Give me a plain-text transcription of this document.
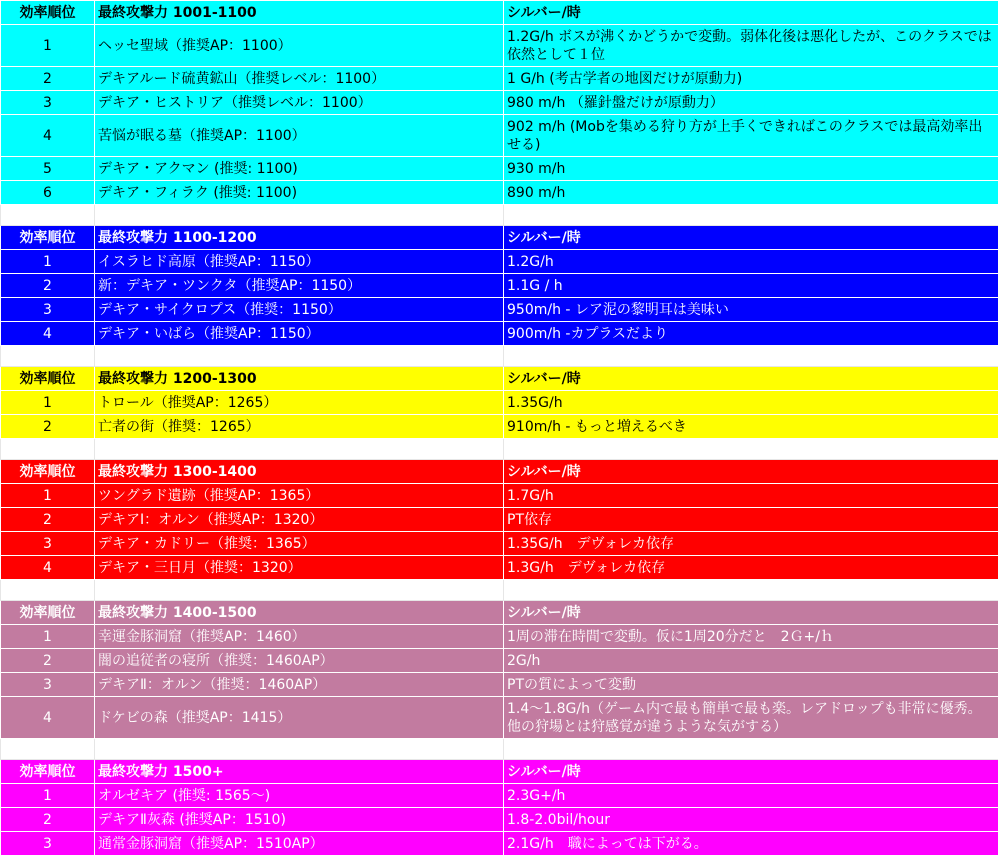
効率順位	最終攻撃力 1001-1100	シルバー/時
1	ヘッセ聖域（推奨AP：1100）	1.2G/h ボスが沸くかどうかで変動。弱体化後は悪化したが、このクラスでは依然として１位
2	デキアルード硫黄鉱山（推奨レベル：1100）	1 G/h (考古学者の地図だけが原動力)
3	デキア・ヒストリア（推奨レベル：1100）	980 m/h （羅針盤だけが原動力）
4	苦悩が眠る墓（推奨AP：1100）	902 m/h (Mobを集める狩り方が上手くできればこのクラスでは最高効率出せる)
5	デキア・アクマン (推奨: 1100)	930 m/h
6	デキア・フィラク (推奨: 1100)	890 m/h

効率順位	最終攻撃力 1100-1200	シルバー/時
1	イスラヒド高原（推奨AP：1150）	1.2G/h
2	新：デキア・ツンクタ（推奨AP：1150）	1.1G / h
3	デキア・サイクロプス（推奨：1150）	950m/h - レア泥の黎明耳は美味い
4	デキア・いばら（推奨AP：1150）	900m/h -カプラスだより

効率順位	最終攻撃力 1200-1300	シルバー/時
1	トロール（推奨AP：1265）	1.35G/h
2	亡者の街（推奨：1265）	910m/h - もっと増えるべき

効率順位	最終攻撃力 1300-1400	シルバー/時
1	ツングラド遺跡（推奨AP：1365）	1.7G/h
2	デキアⅠ：オルン（推奨AP：1320）	PT依存
3	デキア・カドリー（推奨：1365）	1.35G/h　デヴォレカ依存
4	デキア・三日月（推奨：1320）	1.3G/h　デヴォレカ依存

効率順位	最終攻撃力 1400-1500	シルバー/時
1	幸運金豚洞窟（推奨AP：1460）	1周の滞在時間で変動。仮に1周20分だと　2Ｇ+/ｈ
2	闇の追従者の寝所（推奨：1460AP）	2G/h
3	デキアⅡ：オルン（推奨：1460AP）	PTの質によって変動
4	ドケビの森（推奨AP：1415）	1.4〜1.8G/h（ゲーム内で最も簡単で最も楽。レアドロップも非常に優秀。他の狩場とは狩感覚が違うような気がする）

効率順位	最終攻撃力 1500+	シルバー/時
1	オルゼキア (推奨: 1565〜)	2.3G+/h
2	デキアⅡ灰森 (推奨AP：1510)	1.8-2.0bil/hour
3	通常金豚洞窟（推奨AP：1510AP）	2.1G/h　職によっては下がる。
